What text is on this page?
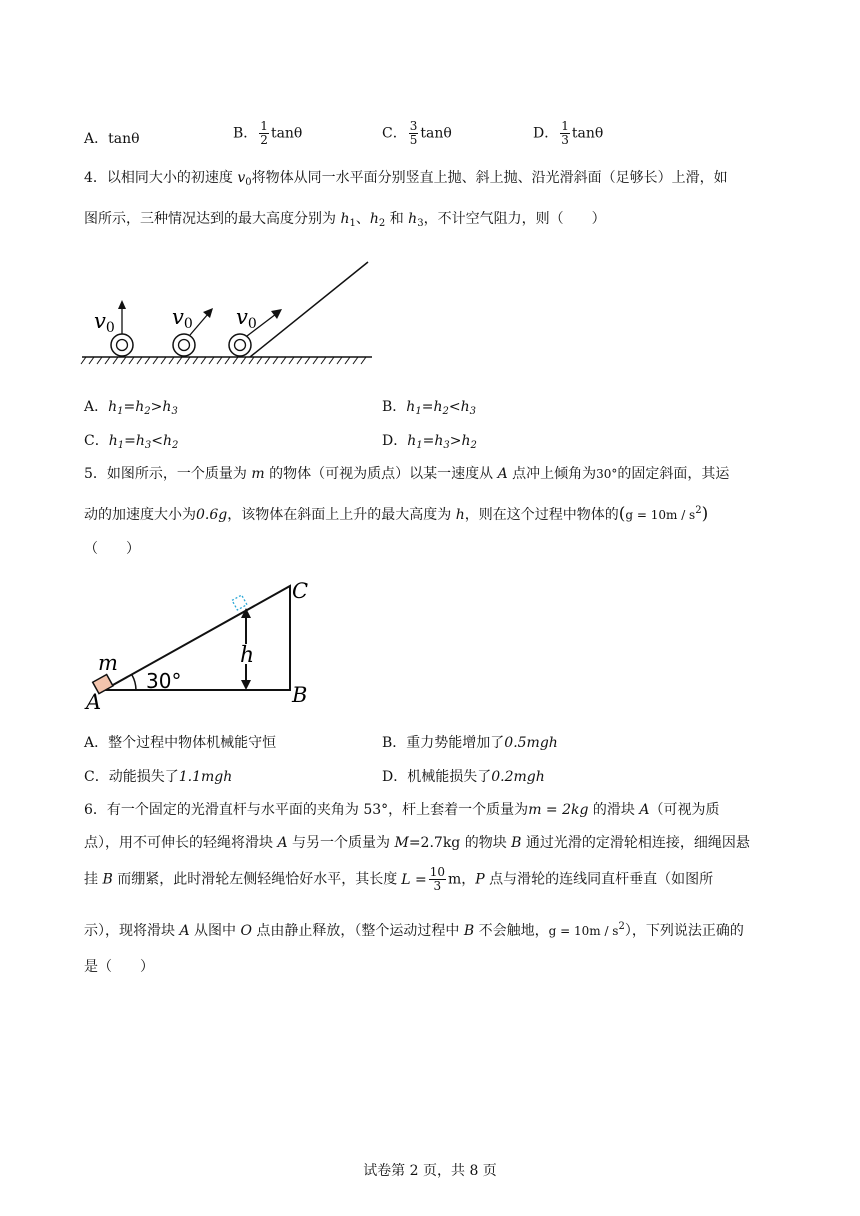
A．tanθ	B． $\frac{1}{2}$ tanθ	C． $\frac{3}{5}$ tanθ	D． $\frac{1}{3}$ tanθ
4．以相同大小的初速度 $v_0$将物体从同一水平面分别竖直上抛、斜上抛、沿光滑斜面（足够长）上滑，如
图所示，三种情况达到的最大高度分别为 $h_1$、$h_2$ 和 $h_3$，不计空气阻力，则（　　）
v0	v0 v0
A．$h_1=h_2>h_3$	B．$h_1=h_2<h_3$
C．$h_1=h_3<h_2$	D．$h_1=h_3>h_2$
5．如图所示，一个质量为 m 的物体（可视为质点）以某一速度从 A 点冲上倾角为30°的固定斜面，其运
动的加速度大小为0.6g，该物体在斜面上上升的最大高度为 h，则在这个过程中物体的$(g = 10m / s^2)$
（　　）
h
30°
m
A	B
C
A．整个过程中物体机械能守恒	B．重力势能增加了0.5mgh
C．动能损失了1.1mgh	D．机械能损失了0.2mgh
6．有一个固定的光滑直杆与水平面的夹角为 53°，杆上套着一个质量为m = 2kg 的滑块 A（可视为质
点），用不可伸长的轻绳将滑块 A 与另一个质量为 M=2.7kg 的物块 B 通过光滑的定滑轮相连接，细绳因悬
挂 B 而绷紧，此时滑轮左侧轻绳恰好水平，其长度 $L = \frac{10}{3}$ m，P 点与滑轮的连线同直杆垂直（如图所
示），现将滑块 A 从图中 O 点由静止释放，（整个运动过程中 B 不会触地，$g = 10m / s^2$），下列说法正确的
是（　　）
试卷第 2 页，共 8 页
